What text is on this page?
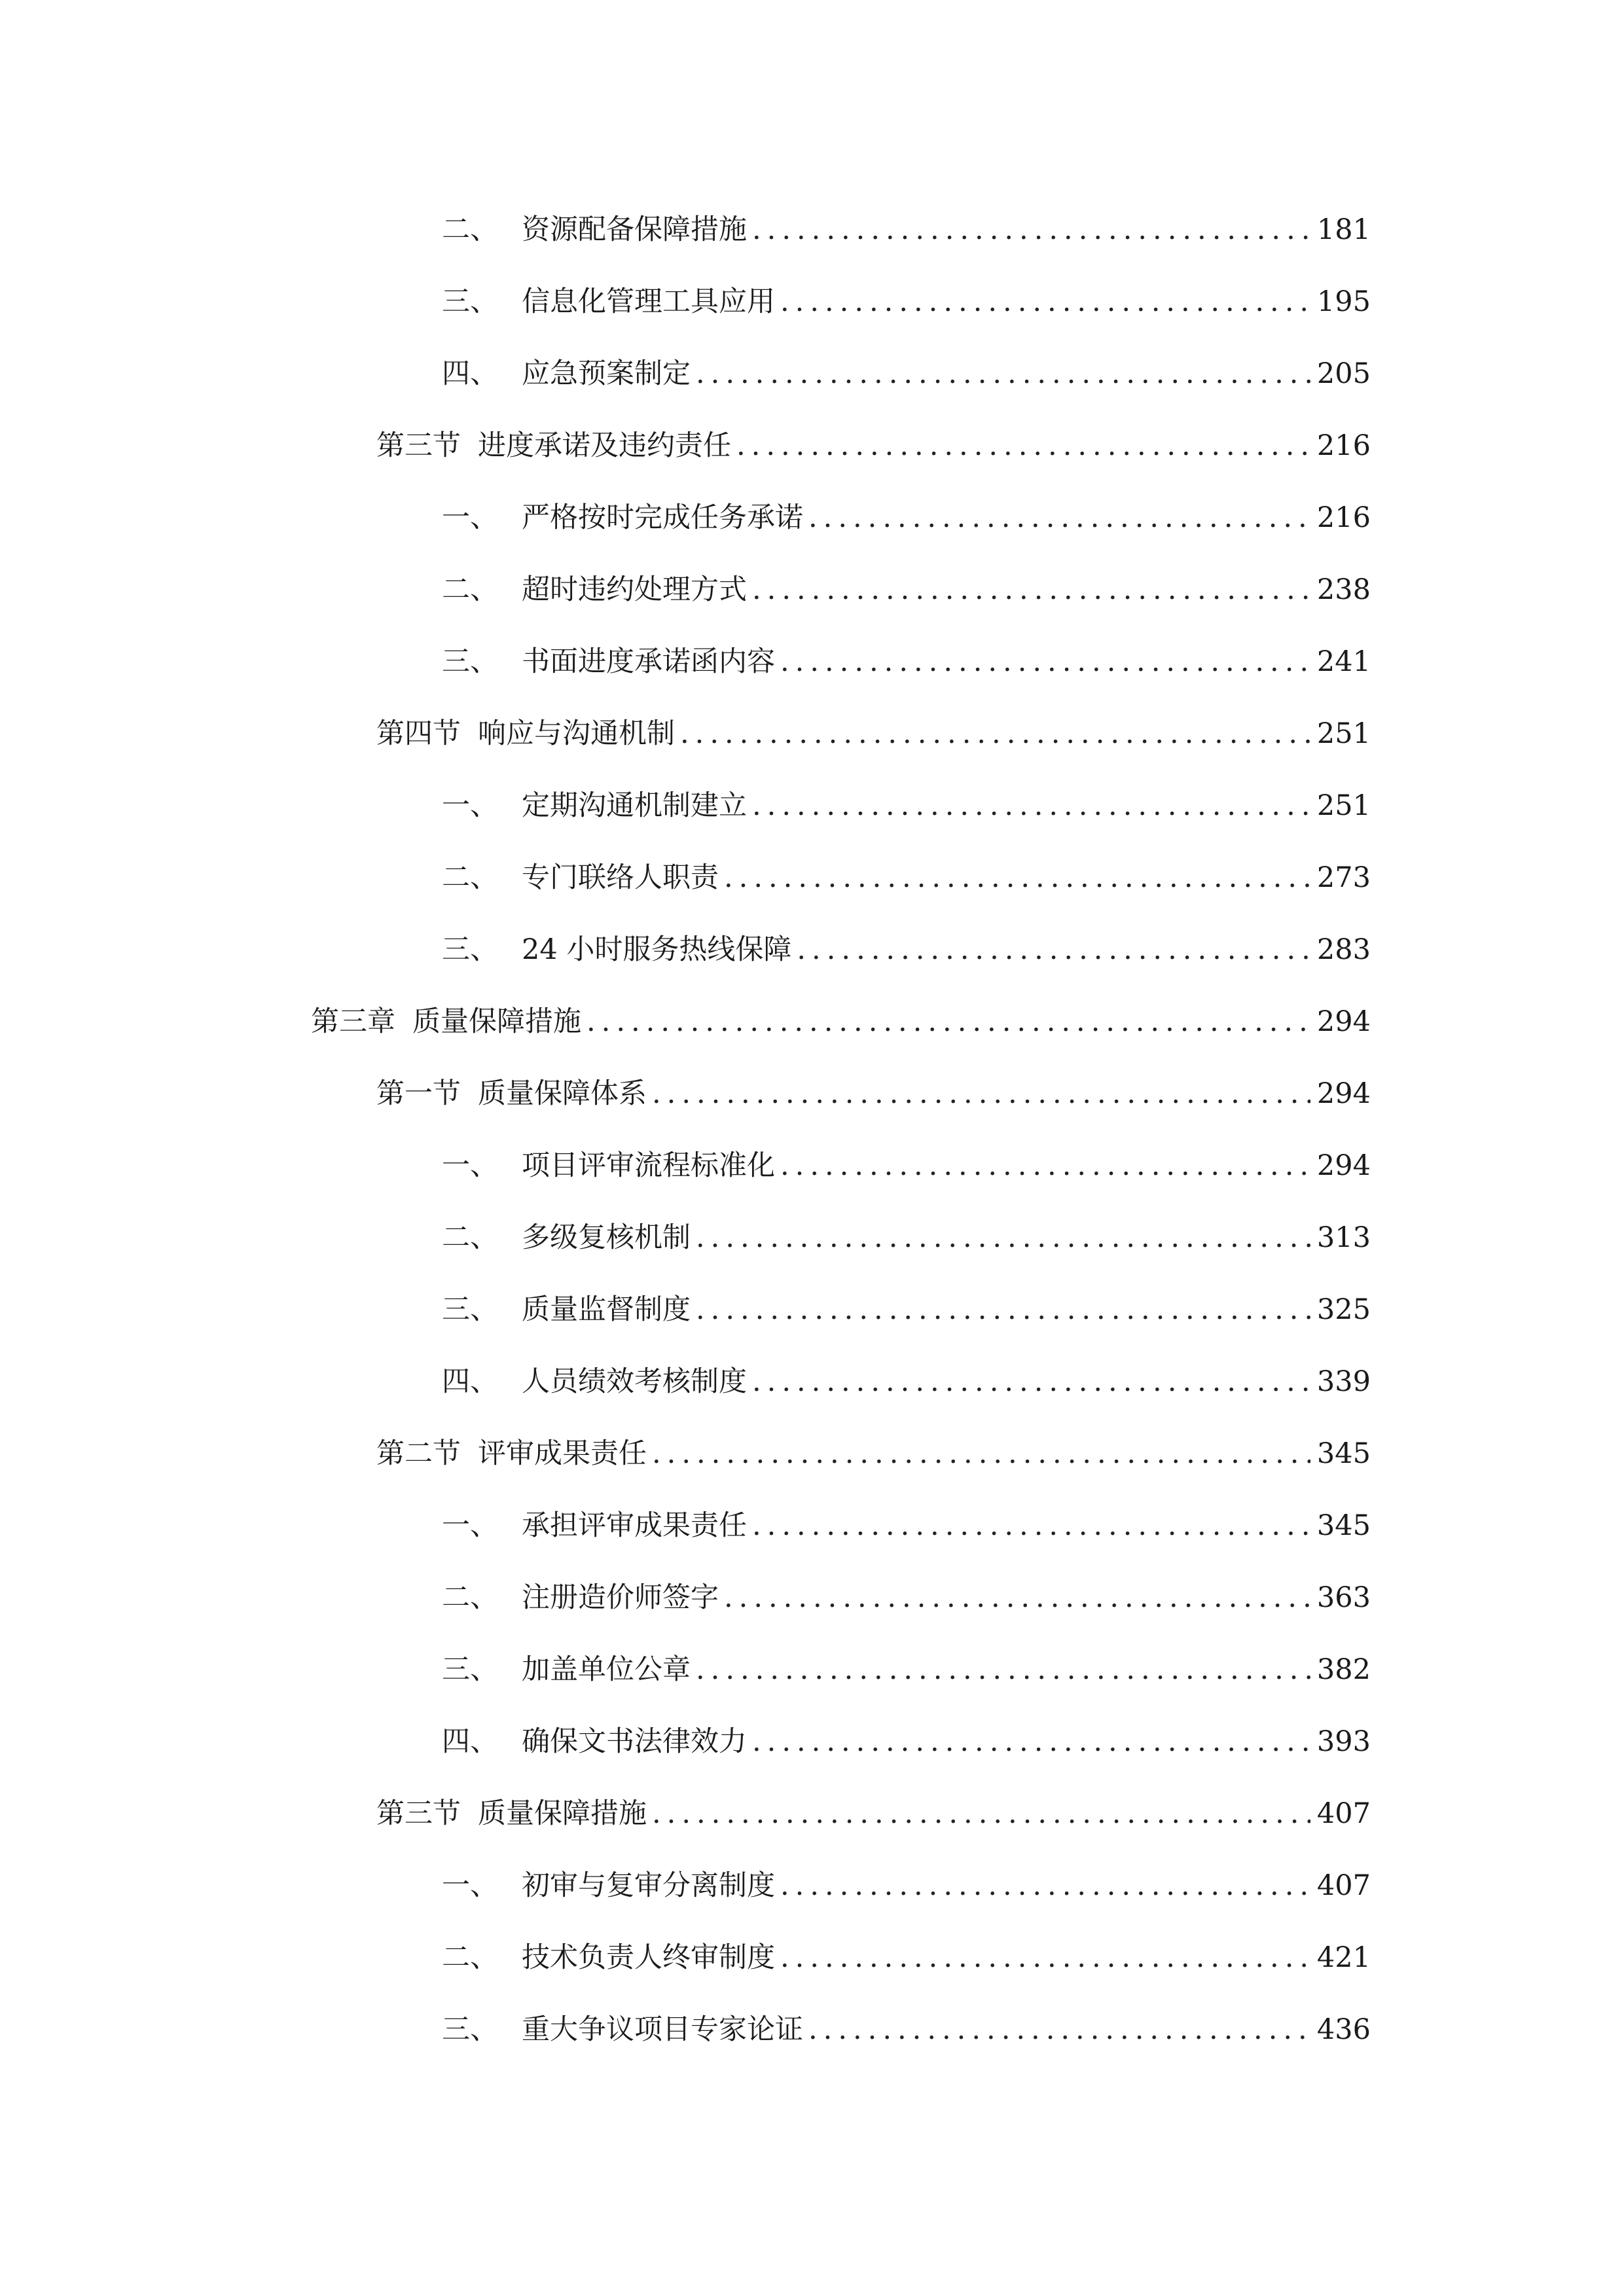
二、 资源配备保障措施 .....	181
三、 信息化管理工具应用 .....	195
四、 应急预案制定 .....	205
第三节 进度承诺及违约责任 .....	216
一、 严格按时完成任务承诺 .....	216
二、 超时违约处理方式 .....	238
三、 书面进度承诺函内容 .....	241
第四节 响应与沟通机制 .....	251
一、 定期沟通机制建立 .....	251
二、 专门联络人职责 .....	273
三、 24 小时服务热线保障 .....	283
第三章 质量保障措施 .....	294
第一节 质量保障体系 .....	294
一、 项目评审流程标准化 .....	294
二、 多级复核机制 .....	313
三、 质量监督制度 .....	325
四、 人员绩效考核制度 .....	339
第二节 评审成果责任 .....	345
一、 承担评审成果责任 .....	345
二、 注册造价师签字 .....	363
三、 加盖单位公章 .....	382
四、 确保文书法律效力 .....	393
第三节 质量保障措施 .....	407
一、 初审与复审分离制度 .....	407
二、 技术负责人终审制度 .....	421
三、 重大争议项目专家论证 .....	436
